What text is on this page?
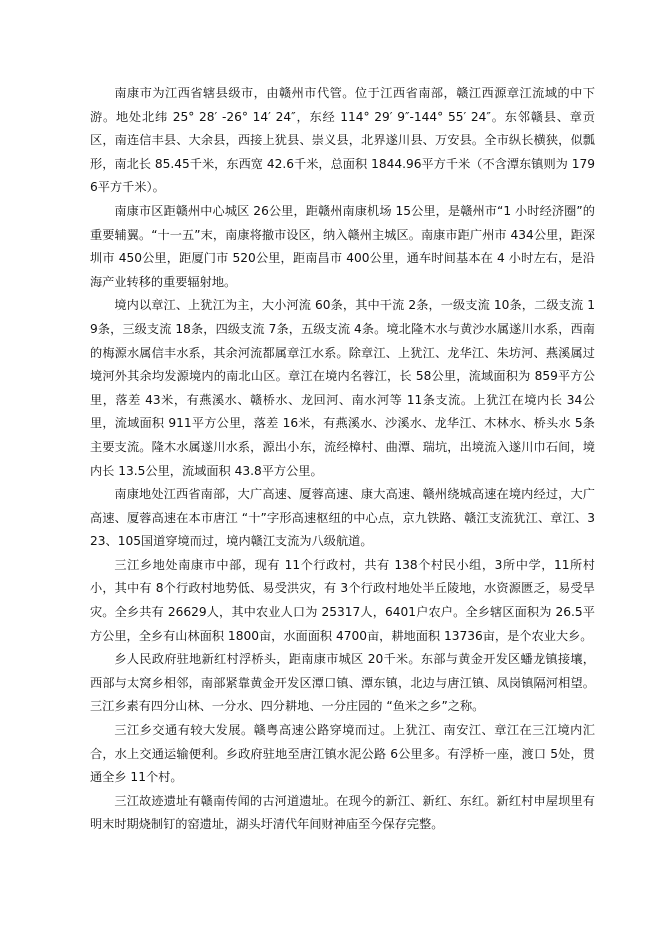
南康市为江西省辖县级市，由赣州市代管。位于江西省南部，赣江西源章江流域的中下游。地处北纬 25° 28′ -26° 14′ 24″，东经 114° 29′ 9″-144° 55′ 24″。东邻赣县、章贡区，南连信丰县、大余县，西接上犹县、崇义县，北界遂川县、万安县。全市纵长横狭，似瓢形，南北长 85.45千米，东西宽 42.6千米，总面积 1844.96平方千米（不含潭东镇则为 1796平方千米）。

南康市区距赣州中心城区 26公里，距赣州南康机场 15公里，是赣州市“1 小时经济圈”的重要辅翼。“十一五”末，南康将撤市设区，纳入赣州主城区。南康市距广州市 434公里，距深圳市 450公里，距厦门市 520公里，距南昌市 400公里，通车时间基本在 4 小时左右，是沿海产业转移的重要辐射地。

境内以章江、上犹江为主，大小河流 60条，其中干流 2条，一级支流 10条，二级支流 19条，三级支流 18条，四级支流 7条，五级支流 4条。境北隆木水与黄沙水属遂川水系，西南的梅源水属信丰水系，其余河流都属章江水系。除章江、上犹江、龙华江、朱坊河、燕溪属过境河外其余均发源境内的南北山区。章江在境内名蓉江，长 58公里，流域面积为 859平方公里，落差 43米，有燕溪水、赣桥水、龙回河、南水河等 11条支流。上犹江在境内长 34公里，流域面积 911平方公里，落差 16米，有燕溪水、沙溪水、龙华江、木林水、桥头水 5条主要支流。隆木水属遂川水系，源出小东，流经樟村、曲潭、瑞坑，出境流入遂川巾石间，境内长 13.5公里，流域面积 43.8平方公里。

南康地处江西省南部，大广高速、厦蓉高速、康大高速、赣州绕城高速在境内经过，大广高速、厦蓉高速在本市唐江 “十”字形高速枢纽的中心点，京九铁路、赣江支流犹江、章江、323、105国道穿境而过，境内赣江支流为八级航道。

三江乡地处南康市中部，现有 11个行政村，共有 138个村民小组，3所中学，11所村小，其中有 8个行政村地势低、易受洪灾，有 3个行政村地处半丘陵地，水资源匮乏，易受旱灾。全乡共有 26629人，其中农业人口为 25317人，6401户农户。全乡辖区面积为 26.5平方公里，全乡有山林面积 1800亩，水面面积 4700亩，耕地面积 13736亩，是个农业大乡。

乡人民政府驻地新红村浮桥头，距南康市城区 20千米。东部与黄金开发区蟠龙镇接壤，西部与太窝乡相邻，南部紧靠黄金开发区潭口镇、潭东镇，北边与唐江镇、凤岗镇隔河相望。三江乡素有四分山林、一分水、四分耕地、一分庄园的 “鱼米之乡”之称。

三江乡交通有较大发展。赣粤高速公路穿境而过。上犹江、南安江、章江在三江境内汇合，水上交通运输便利。乡政府驻地至唐江镇水泥公路 6公里多。有浮桥一座，渡口 5处，贯通全乡 11个村。

三江故迹遗址有赣南传闻的古河道遗址。在现今的新江、新红、东红。新红村申屋坝里有明末时期烧制钉的窑遗址，湖头圩清代年间财神庙至今保存完整。
